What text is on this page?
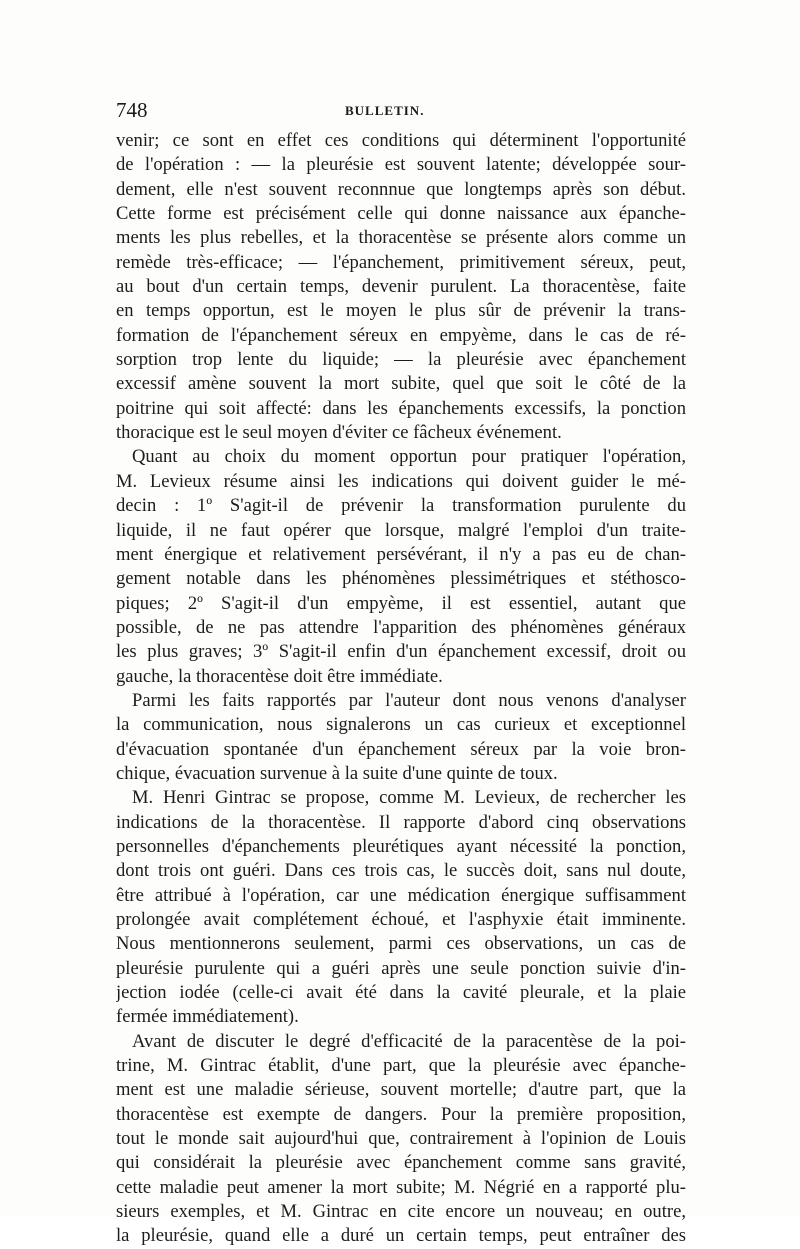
748	BULLETIN.
venir; ce sont en effet ces conditions qui déterminent l'opportunité
de l'opération : — la pleurésie est souvent latente; développée sour-
dement, elle n'est souvent reconnnue que longtemps après son début.
Cette forme est précisément celle qui donne naissance aux épanche-
ments les plus rebelles, et la thoracentèse se présente alors comme un
remède très-efficace; — l'épanchement, primitivement séreux, peut,
au bout d'un certain temps, devenir purulent. La thoracentèse, faite
en temps opportun, est le moyen le plus sûr de prévenir la trans-
formation de l'épanchement séreux en empyème, dans le cas de ré-
sorption trop lente du liquide; — la pleurésie avec épanchement
excessif amène souvent la mort subite, quel que soit le côté de la
poitrine qui soit affecté: dans les épanchements excessifs, la ponction
thoracique est le seul moyen d'éviter ce fâcheux événement.
Quant au choix du moment opportun pour pratiquer l'opération,
M. Levieux résume ainsi les indications qui doivent guider le mé-
decin : 1º S'agit-il de prévenir la transformation purulente du
liquide, il ne faut opérer que lorsque, malgré l'emploi d'un traite-
ment énergique et relativement persévérant, il n'y a pas eu de chan-
gement notable dans les phénomènes plessimétriques et stéthosco-
piques; 2º S'agit-il d'un empyème, il est essentiel, autant que
possible, de ne pas attendre l'apparition des phénomènes généraux
les plus graves; 3º S'agit-il enfin d'un épanchement excessif, droit ou
gauche, la thoracentèse doit être immédiate.
Parmi les faits rapportés par l'auteur dont nous venons d'analyser
la communication, nous signalerons un cas curieux et exceptionnel
d'évacuation spontanée d'un épanchement séreux par la voie bron-
chique, évacuation survenue à la suite d'une quinte de toux.
M. Henri Gintrac se propose, comme M. Levieux, de rechercher les
indications de la thoracentèse. Il rapporte d'abord cinq observations
personnelles d'épanchements pleurétiques ayant nécessité la ponction,
dont trois ont guéri. Dans ces trois cas, le succès doit, sans nul doute,
être attribué à l'opération, car une médication énergique suffisamment
prolongée avait complétement échoué, et l'asphyxie était imminente.
Nous mentionnerons seulement, parmi ces observations, un cas de
pleurésie purulente qui a guéri après une seule ponction suivie d'in-
jection iodée (celle-ci avait été dans la cavité pleurale, et la plaie
fermée immédiatement).
Avant de discuter le degré d'efficacité de la paracentèse de la poi-
trine, M. Gintrac établit, d'une part, que la pleurésie avec épanche-
ment est une maladie sérieuse, souvent mortelle; d'autre part, que la
thoracentèse est exempte de dangers. Pour la première proposition,
tout le monde sait aujourd'hui que, contrairement à l'opinion de Louis
qui considérait la pleurésie avec épanchement comme sans gravité,
cette maladie peut amener la mort subite; M. Négrié en a rapporté plu-
sieurs exemples, et M. Gintrac en cite encore un nouveau; en outre,
la pleurésie, quand elle a duré un certain temps, peut entraîner des
